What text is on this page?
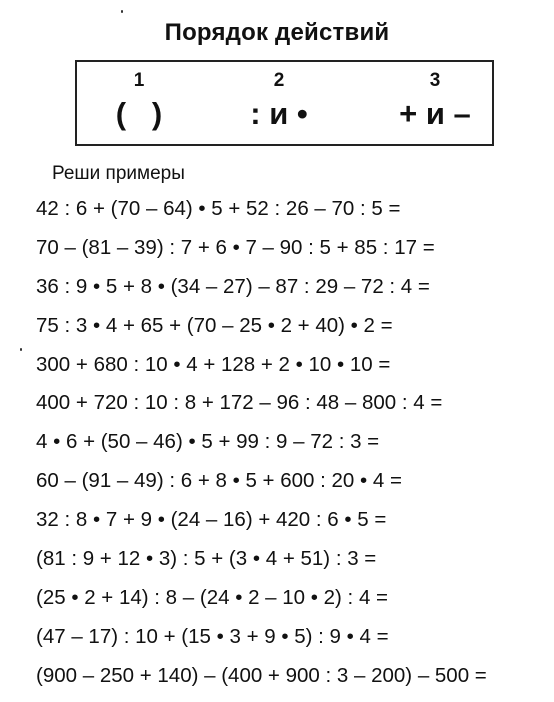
Порядок действий
1
(   )
2
: и •
3
+ и –
Реши примеры
42 : 6 + (70 – 64) • 5 + 52 : 26 – 70 : 5 =
70 – (81 – 39) : 7 + 6 • 7 – 90 : 5 + 85 : 17 =
36 : 9 • 5 + 8 • (34 – 27) – 87 : 29 – 72 : 4 =
75 : 3 • 4 + 65 + (70 – 25 • 2 + 40) • 2 =
300 + 680 : 10 • 4 + 128 + 2 • 10 • 10 =
400 + 720 : 10 : 8 + 172 – 96 : 48 – 800 : 4 =
4 • 6 + (50 – 46) • 5 + 99 : 9 – 72 : 3 =
60 – (91 – 49) : 6 + 8 • 5 + 600 : 20 • 4 =
32 : 8 • 7 + 9 • (24 – 16) + 420 : 6 • 5 =
(81 : 9 + 12 • 3) : 5 + (3 • 4 + 51) : 3 =
(25 • 2 + 14) : 8 – (24 • 2 – 10 • 2) : 4 =
(47 – 17) : 10 + (15 • 3 + 9 • 5) : 9 • 4 =
(900 – 250 + 140) – (400 + 900 : 3 – 200) – 500 =
